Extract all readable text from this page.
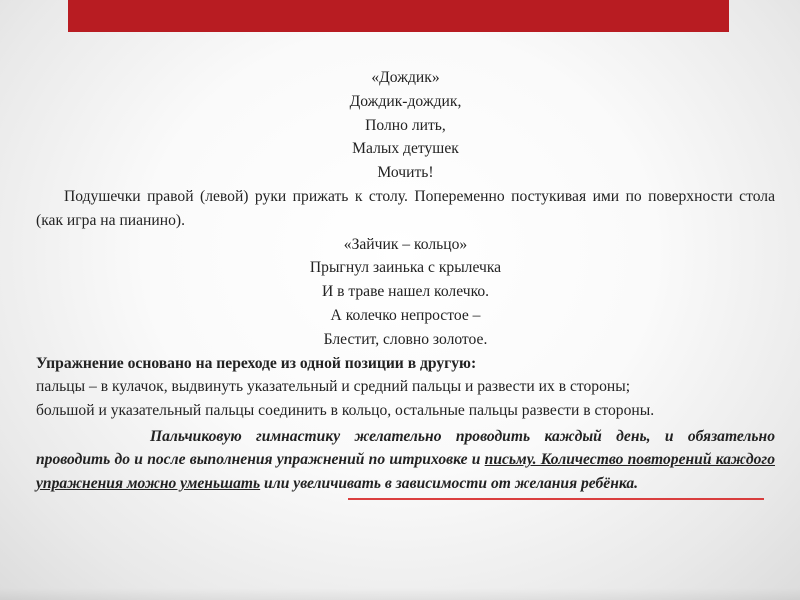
«Дождик»

Дождик-дождик,

Полно лить,

Малых детушек

Мочить!

Подушечки правой (левой) руки прижать к столу. Попеременно постукивая ими по поверхности стола (как игра на пианино).

«Зайчик – кольцо»

Прыгнул заинька с крылечка

И в траве нашел колечко.

А колечко непростое –

Блестит, словно золотое.

Упражнение основано на переходе из одной позиции в другую:

пальцы – в кулачок, выдвинуть указательный и средний пальцы и развести их в стороны;

большой и указательный пальцы соединить в кольцо, остальные пальцы развести в стороны.

Пальчиковую гимнастику желательно проводить каждый день, и обязательно проводить до и после выполнения упражнений по штриховке и письму. Количество повторений каждого упражнения можно уменьшать или увеличивать в зависимости от желания ребёнка.
